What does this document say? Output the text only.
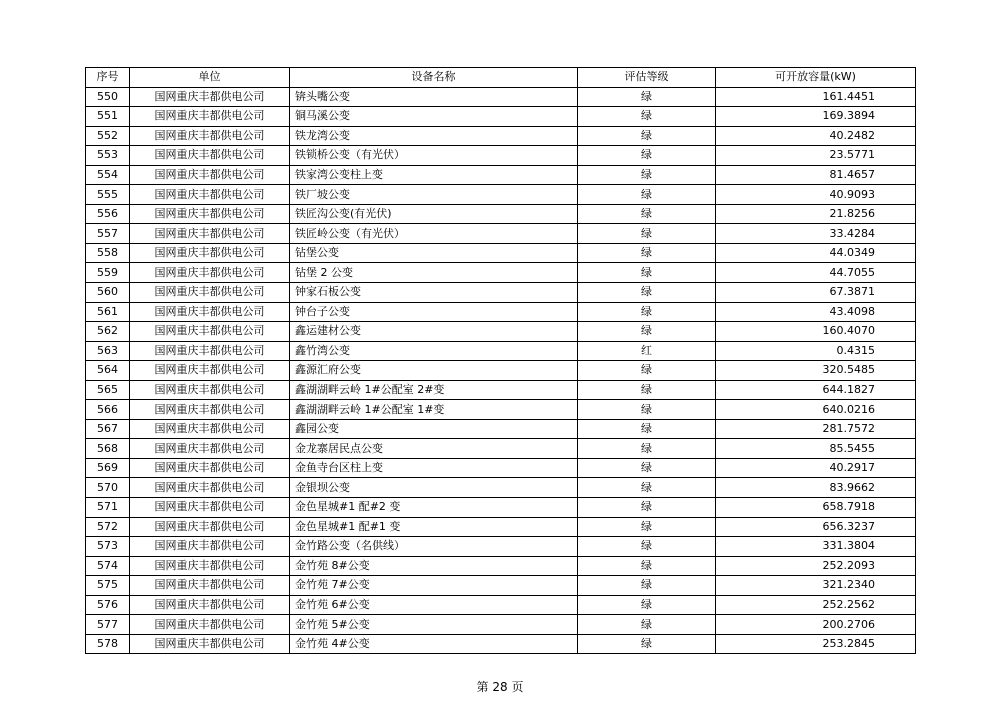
序号	单位	设备名称	评估等级	可开放容量(kW)
550	国网重庆丰都供电公司	锛头嘴公变	绿	161.4451
551	国网重庆丰都供电公司	铜马溪公变	绿	169.3894
552	国网重庆丰都供电公司	铁龙湾公变	绿	40.2482
553	国网重庆丰都供电公司	铁锁桥公变（有光伏）	绿	23.5771
554	国网重庆丰都供电公司	铁家湾公变柱上变	绿	81.4657
555	国网重庆丰都供电公司	铁厂坡公变	绿	40.9093
556	国网重庆丰都供电公司	铁匠沟公变(有光伏)	绿	21.8256
557	国网重庆丰都供电公司	铁匠岭公变（有光伏）	绿	33.4284
558	国网重庆丰都供电公司	钻堡公变	绿	44.0349
559	国网重庆丰都供电公司	钻堡 2 公变	绿	44.7055
560	国网重庆丰都供电公司	钟家石板公变	绿	67.3871
561	国网重庆丰都供电公司	钟台子公变	绿	43.4098
562	国网重庆丰都供电公司	鑫运建材公变	绿	160.4070
563	国网重庆丰都供电公司	鑫竹湾公变	红	0.4315
564	国网重庆丰都供电公司	鑫源汇府公变	绿	320.5485
565	国网重庆丰都供电公司	鑫湖湖畔云岭 1#公配室 2#变	绿	644.1827
566	国网重庆丰都供电公司	鑫湖湖畔云岭 1#公配室 1#变	绿	640.0216
567	国网重庆丰都供电公司	鑫园公变	绿	281.7572
568	国网重庆丰都供电公司	金龙寨居民点公变	绿	85.5455
569	国网重庆丰都供电公司	金鱼寺台区柱上变	绿	40.2917
570	国网重庆丰都供电公司	金银坝公变	绿	83.9662
571	国网重庆丰都供电公司	金色星城#1 配#2 变	绿	658.7918
572	国网重庆丰都供电公司	金色星城#1 配#1 变	绿	656.3237
573	国网重庆丰都供电公司	金竹路公变（名供线）	绿	331.3804
574	国网重庆丰都供电公司	金竹苑 8#公变	绿	252.2093
575	国网重庆丰都供电公司	金竹苑 7#公变	绿	321.2340
576	国网重庆丰都供电公司	金竹苑 6#公变	绿	252.2562
577	国网重庆丰都供电公司	金竹苑 5#公变	绿	200.2706
578	国网重庆丰都供电公司	金竹苑 4#公变	绿	253.2845
第 28 页
